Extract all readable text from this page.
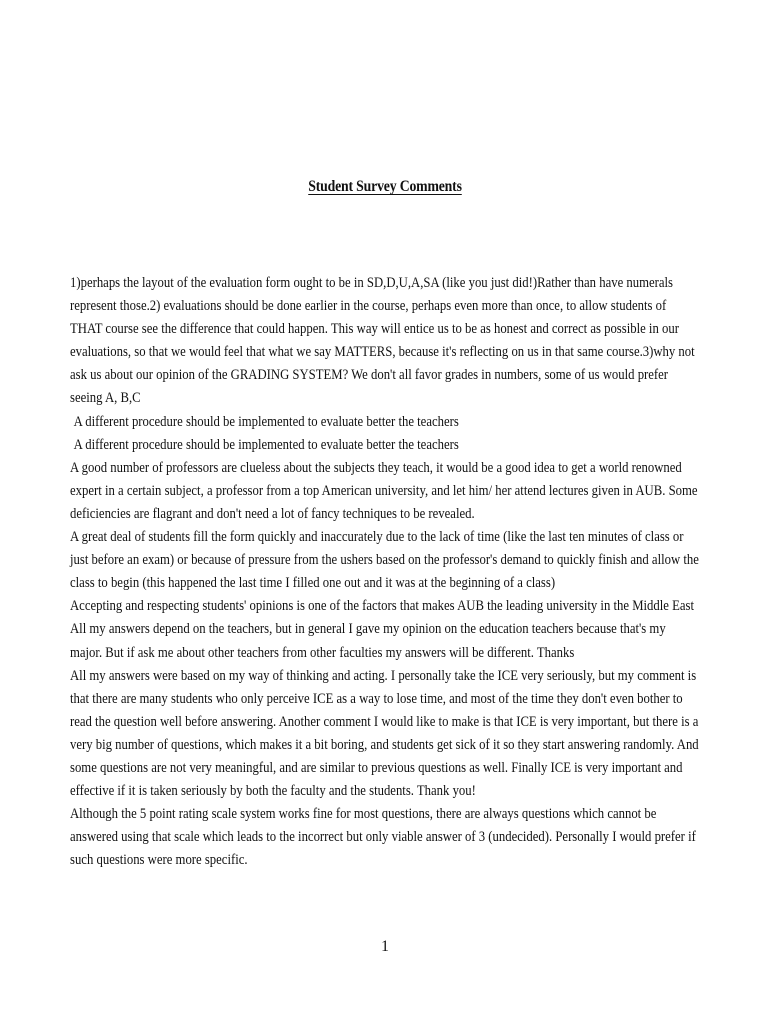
Student Survey Comments

1)perhaps the layout of the evaluation form ought to be in SD,D,U,A,SA (like you just did!)Rather than have numerals represent those.2) evaluations should be done earlier in the course, perhaps even more than once, to allow students of THAT course see the difference that could happen. This way will entice us to be as honest and correct as possible in our evaluations, so that we would feel that what we say MATTERS, because it's reflecting on us in that same course.3)why not ask us about our opinion of the GRADING SYSTEM? We don't all favor grades in numbers, some of us would prefer seeing A, B,C

A different procedure should be implemented to evaluate better the teachers

A different procedure should be implemented to evaluate better the teachers

A good number of professors are clueless about the subjects they teach, it would be a good idea to get a world renowned expert in a certain subject, a professor from a top American university, and let him/ her attend lectures given in AUB. Some deficiencies are flagrant and don't need a lot of fancy techniques to be revealed.

A great deal of students fill the form quickly and inaccurately due to the lack of time (like the last ten minutes of class or just before an exam) or because of pressure from the ushers based on the professor's demand to quickly finish and allow the class to begin (this happened the last time I filled one out and it was at the beginning of a class)

Accepting and respecting students' opinions is one of the factors that makes AUB the leading university in the Middle East

All my answers depend on the teachers, but in general I gave my opinion on the education teachers because that's my major. But if ask me about other teachers from other faculties my answers will be different. Thanks

All my answers were based on my way of thinking and acting. I personally take the ICE very seriously, but my comment is that there are many students who only perceive ICE as a way to lose time, and most of the time they don't even bother to read the question well before answering. Another comment I would like to make is that ICE is very important, but there is a very big number of questions, which makes it a bit boring, and students get sick of it so they start answering randomly. And some questions are not very meaningful, and are similar to previous questions as well. Finally ICE is very important and effective if it is taken seriously by both the faculty and the students. Thank you!

Although the 5 point rating scale system works fine for most questions, there are always questions which cannot be answered using that scale which leads to the incorrect but only viable answer of 3 (undecided). Personally I would prefer if such questions were more specific.

1
